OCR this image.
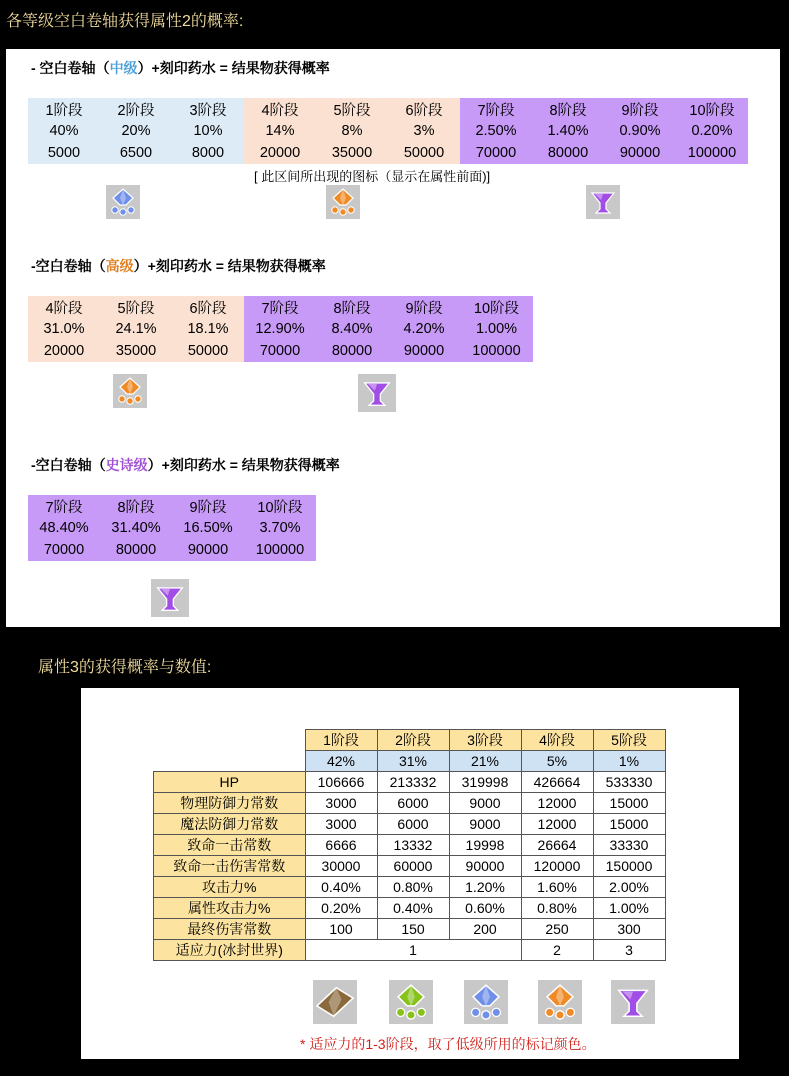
各等级空白卷轴获得属性2的概率:
- 空白卷轴（中级）+刻印药水 = 结果物获得概率
1阶段	2阶段	3阶段	4阶段	5阶段	6阶段	7阶段	8阶段	9阶段	10阶段
40%	20%	10%	14%	8%	3%	2.50%	1.40%	0.90%	0.20%
5000	6500	8000	20000	35000	50000	70000	80000	90000	100000
[ 此区间所出现的图标（显示在属性前面)]
-空白卷轴（高级）+刻印药水 = 结果物获得概率
4阶段	5阶段	6阶段	7阶段	8阶段	9阶段	10阶段
31.0%	24.1%	18.1%	12.90%	8.40%	4.20%	1.00%
20000	35000	50000	70000	80000	90000	100000
-空白卷轴（史诗级）+刻印药水 = 结果物获得概率
7阶段	8阶段	9阶段	10阶段
48.40%	31.40%	16.50%	3.70%
70000	80000	90000	100000
属性3的获得概率与数值:
	1阶段	2阶段	3阶段	4阶段	5阶段
	42%	31%	21%	5%	1%
HP	106666	213332	319998	426664	533330
物理防御力常数	3000	6000	9000	12000	15000
魔法防御力常数	3000	6000	9000	12000	15000
致命一击常数	6666	13332	19998	26664	33330
致命一击伤害常数	30000	60000	90000	120000	150000
攻击力%	0.40%	0.80%	1.20%	1.60%	2.00%
属性攻击力%	0.20%	0.40%	0.60%	0.80%	1.00%
最终伤害常数	100	150	200	250	300
适应力(冰封世界)	1			2	3
* 适应力的1-3阶段，取了低级所用的标记颜色。
